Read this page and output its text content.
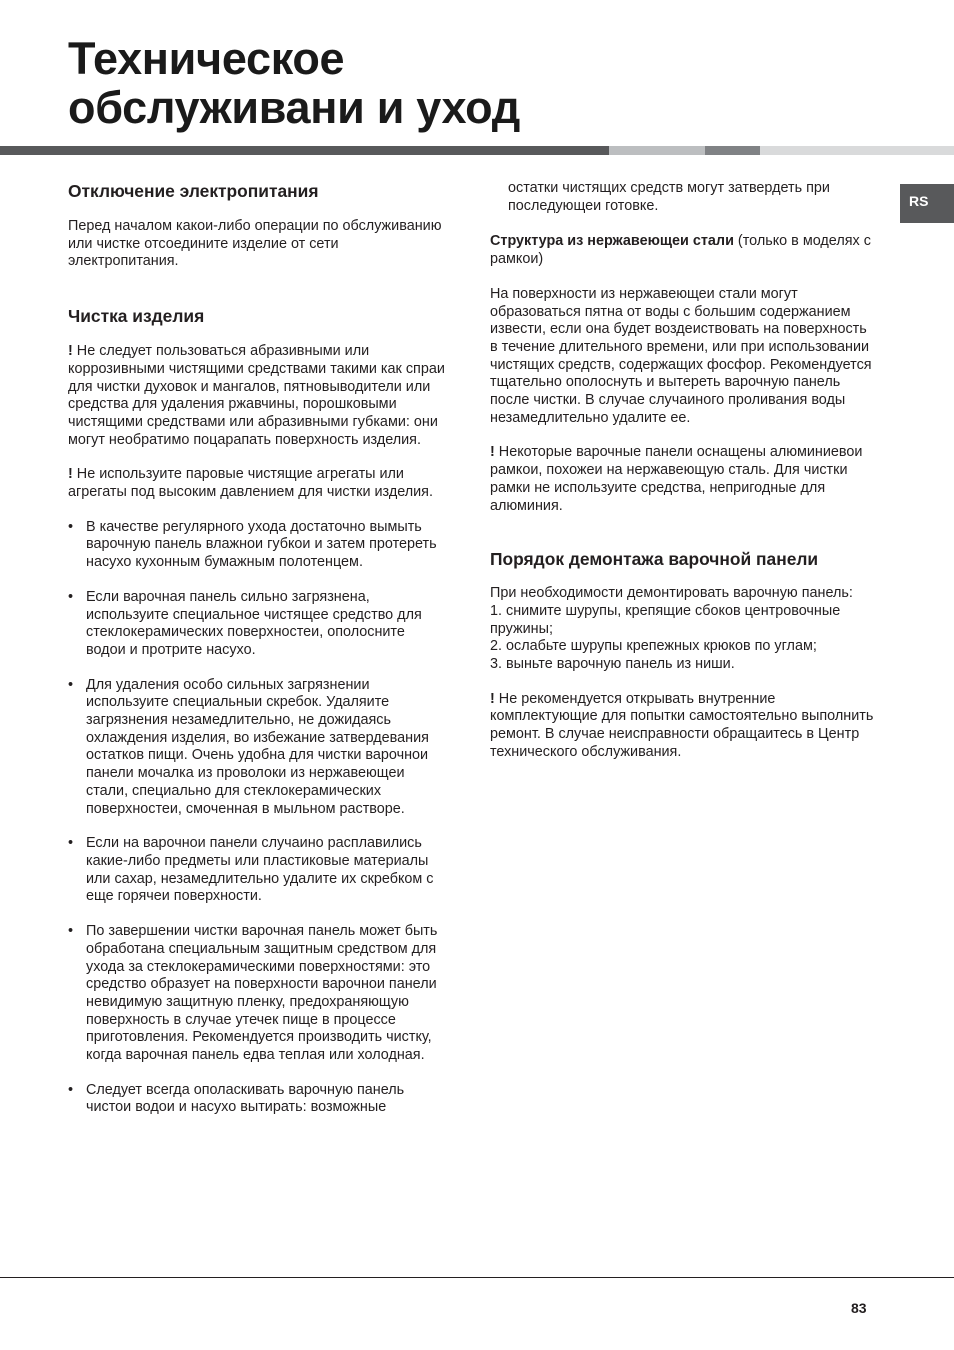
Техническое
обслуживани и уход
RS
Отключение электропитания

Перед началом какои-либо операции по обслуживанию или чистке отсоедините изделие от сети электропитания.

Чистка изделия

! Не следует пользоваться абразивными или коррозивными чистящими средствами такими как спраи для чистки духовок и мангалов, пятновыводители или средства для удаления ржавчины, порошковыми чистящими средствами или абразивными губками: они могут необратимо поцарапать поверхность изделия.

! Не используите паровые чистящие агрегаты или агрегаты под высоким давлением для чистки изделия.

• В качестве регулярного ухода достаточно вымыть варочную панель влажнои губкои и затем протереть насухо кухонным бумажным полотенцем.
• Если варочная панель сильно загрязнена, используите специальное чистящее средство для стеклокерамических поверхностеи, ополосните водои и протрите насухо.
• Для удаления особо сильных загрязнении используите специальныи скребок. Удаляите загрязнения незамедлительно, не дожидаясь охлаждения изделия, во избежание затвердевания остатков пищи. Очень удобна для чистки варочнои панели мочалка из проволоки из нержавеющеи стали, специально для стеклокерамических поверхностеи, смоченная в мыльном растворе.
• Если на варочнои панели случаино расплавились какие-либо предметы или пластиковые материалы или сахар, незамедлительно удалите их скребком с еще горячеи поверхности.
• По завершении чистки варочная панель может быть обработана специальным защитным средством для ухода за стеклокерамическими поверхностями: это средство образует на поверхности варочнои панели невидимую защитную пленку, предохраняющую поверхность в случае утечек пище в процессе приготовления. Рекомендуется производить чистку, когда варочная панель едва теплая или холодная.
• Следует всегда ополаскивать варочную панель чистои водои и насухо вытирать: возможные

остатки чистящих средств могут затвердеть при последующеи готовке.

Структура из нержавеющеи стали (только в моделях с рамкои)

На поверхности из нержавеющеи стали могут образоваться пятна от воды с большим содержанием извести, если она будет воздеиствовать на поверхность в течение длительного времени, или при использовании чистящих средств, содержащих фосфор. Рекомендуется тщательно ополоснуть и вытереть варочную панель после чистки. В случае случаиного проливания воды незамедлительно удалите ее.

! Некоторые варочные панели оснащены алюминиевои рамкои, похожеи на нержавеющую сталь. Для чистки рамки не используите средства, непригодные для алюминия.

Порядок демонтажа варочной панели

При необходимости демонтировать варочную панель:

1. снимите шурупы, крепящие сбоков центровочные пружины;

2. ослабьте шурупы крепежных крюков по углам;

3. выньте варочную панель из ниши.

! Не рекомендуется открывать внутренние комплектующие для попытки самостоятельно выполнить ремонт. В случае неисправности обращаитесь в Центр технического обслуживания.

83
